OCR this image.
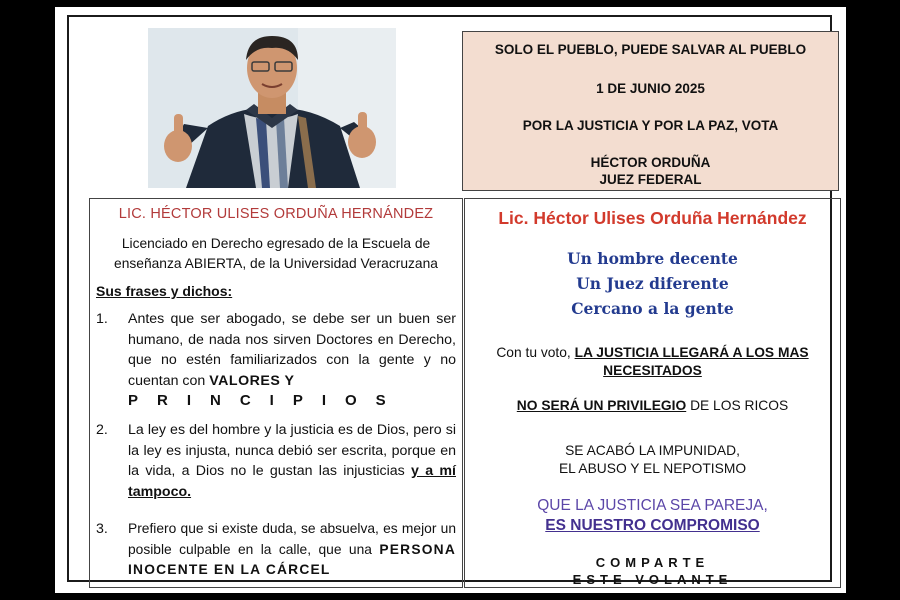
SOLO EL PUEBLO, PUEDE SALVAR AL PUEBLO
1 DE JUNIO 2025
POR LA JUSTICIA Y POR LA PAZ, VOTA
HÉCTOR ORDUÑA
JUEZ FEDERAL
LIC. HÉCTOR ULISES ORDUÑA HERNÁNDEZ
Licenciado en Derecho egresado de la Escuela de enseñanza ABIERTA, de la Universidad Veracruzana
Sus frases y dichos:
1. Antes que ser abogado, se debe ser un buen ser humano, de nada nos sirven Doctores en Derecho, que no estén familiarizados con la gente y no cuentan con VALORES Y
PRINCIPIOS
2. La ley es del hombre y la justicia es de Dios, pero si la ley es injusta, nunca debió ser escrita, porque en la vida, a Dios no le gustan las injusticias y a mí tampoco.
3. Prefiero que si existe duda, se absuelva, es mejor un posible culpable en la calle, que una PERSONA INOCENTE EN LA CÁRCEL
Lic. Héctor Ulises Orduña Hernández
Un hombre decente
Un Juez diferente
Cercano a la gente
Con tu voto, LA JUSTICIA LLEGARÁ A LOS MAS
NECESITADOS
NO SERÁ UN PRIVILEGIO DE LOS RICOS
SE ACABÓ LA IMPUNIDAD,
EL ABUSO Y EL NEPOTISMO
QUE LA JUSTICIA SEA PAREJA,
ES NUESTRO COMPROMISO
COMPARTE
ESTE VOLANTE
